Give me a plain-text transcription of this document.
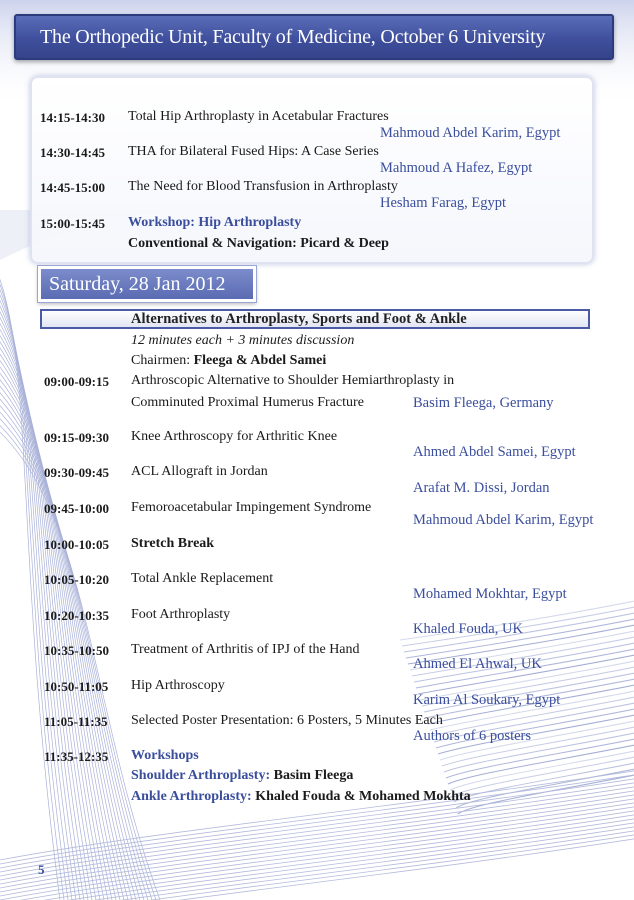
The Orthopedic Unit, Faculty of Medicine, October 6 University
14:15-14:30 Total Hip Arthroplasty in Acetabular Fractures
Mahmoud Abdel Karim, Egypt
14:30-14:45 THA for Bilateral Fused Hips: A Case Series
Mahmoud A Hafez, Egypt
14:45-15:00 The Need for Blood Transfusion in Arthroplasty
Hesham Farag, Egypt
15:00-15:45 Workshop: Hip Arthroplasty
Conventional & Navigation: Picard & Deep
Saturday, 28 Jan 2012
Alternatives to Arthroplasty, Sports and Foot & Ankle
12 minutes each + 3 minutes discussion
Chairmen: Fleega & Abdel Samei
09:00-09:15 Arthroscopic Alternative to Shoulder Hemiarthroplasty in
Comminuted Proximal Humerus Fracture	Basim Fleega, Germany
09:15-09:30 Knee Arthroscopy for Arthritic Knee
Ahmed Abdel Samei, Egypt
09:30-09:45 ACL Allograft in Jordan
Arafat M. Dissi, Jordan
09:45-10:00 Femoroacetabular Impingement Syndrome
Mahmoud Abdel Karim, Egypt
10:00-10:05 Stretch Break
10:05-10:20 Total Ankle Replacement
Mohamed Mokhtar, Egypt
10:20-10:35 Foot Arthroplasty
Khaled Fouda, UK
10:35-10:50 Treatment of Arthritis of IPJ of the Hand
Ahmed El Ahwal, UK
10:50-11:05 Hip Arthroscopy
Karim Al Soukary, Egypt
11:05-11:35 Selected Poster Presentation: 6 Posters, 5 Minutes Each
Authors of 6 posters
11:35-12:35 Workshops
Shoulder Arthroplasty: Basim Fleega
Ankle Arthroplasty: Khaled Fouda & Mohamed Mokhta
5
